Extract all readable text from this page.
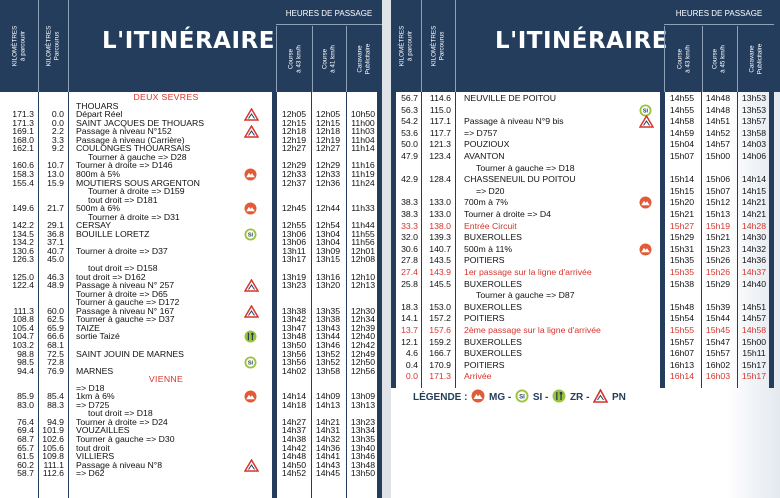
KILOMÈTRES à parcourir	KILOMÈTRES Parcourus L'ITINÉRAIRE
HEURES DE PASSAGE
Course à 43 km/h	Course à 41 km/h	Caravane Publicitaire
DEUX SEVRES
THOUARS
171.3	0.0 Départ Réel	12h05	12h05	10h50
171.3	0.0 SAINT JACQUES DE THOUARS	12h15	12h15	11h00
169.1	2.2 Passage à niveau N°152	12h18	12h18	11h03
168.0	3.3 Passage à niveau (Carrière)	12h19	12h19	11h04
162.1	9.2 COULONGES THOUARSAIS	12h27	12h27	11h14
Tourner à gauche => D28
160.6	10.7 Tourner à droite => D146	12h29	12h29	11h16
158.3	13.0 800m à 5%	12h33	12h33	11h19
155.4	15.9 MOUTIERS SOUS ARGENTON	12h37	12h36	11h24
Tourner à droite => D159
tout droit => D181
149.6	21.7 500m à 6%	12h45	12h44	11h33
Tourner à droite => D31
142.2	29.1 CERSAY	12h55	12h54	11h44
134.5	36.8 BOUILLE LORETZ	13h06	13h04	11h55
SI
134.2	37.1	13h06	13h04	11h56
130.6	40.7 Tourner à droite => D37	13h11	13h09	12h01
126.3	45.0	13h17	13h15	12h08
tout droit => D158
125.0	46.3 tout droit => D162	13h19	13h16	12h10
122.4	48.9 Passage à niveau N° 257	13h23	13h20	12h13
Tourner à droite => D65
Tourner à gauche => D172
111.3	60.0 Passage à niveau N° 167	13h38	13h35	12h30
108.8	62.5 Tourner à gauche => D37	13h42	13h38	12h34
105.4	65.9 TAIZE	13h47	13h43	12h39
104.7	66.6 sortie Taizé	13h48	13h44	12h40
103.2	68.1	13h50	13h46	12h42
98.8	72.5 SAINT JOUIN DE MARNES	13h56	13h52	12h49
98.5	72.8	13h56	13h52	12h50
SI
94.4	76.9 MARNES	14h02	13h58	12h56
VIENNE
=> D18
85.9	85.4 1km à 6%	14h14	14h09	13h09
83.0	88.3 => D725	14h18	14h13	13h13
tout droit => D18
76.4	94.9 Tourner à droite => D24	14h27	14h21	13h23
69.4 101.9 VOUZAILLES	14h37	14h31	13h34
68.7 102.6 Tourner à gauche => D30	14h38	14h32	13h35
65.7 105.6 tout droit	14h42	14h36	13h40
61.5 109.8 VILLIERS	14h48	14h41	13h46
60.2	111.1 Passage à niveau N°8	14h50	14h43	13h48
58.7	112.6 => D62	14h52	14h45	13h50
KILOMÈTRES à parcourir	KILOMÈTRES Parcourus L'ITINÉRAIRE
HEURES DE PASSAGE
Course à 43 km/h	Course à 45 km/h	Caravane Publicitaire
56.7	114.6 NEUVILLE DE POITOU	14h55	14h48	13h53
56.3	115.0	14h55	14h48	13h53
SI
54.2	117.1 Passage à niveau N°9 bis	14h58	14h51	13h57
53.6	117.7 => D757	14h59	14h52	13h58
50.0	121.3 POUZIOUX	15h04	14h57	14h03
47.9	123.4 AVANTON	15h07	15h00	14h06
Tourner à gauche => D18
42.9	128.4 CHASSENEUIL DU POITOU	15h14	15h06	14h14
=> D20	15h15	15h07	14h15
38.3	133.0 700m à 7%	15h20	15h12	14h21
38.3	133.0 Tourner à droite => D4	15h21	15h13	14h21
33.3	138.0 Entrée Circuit	15h27	15h19	14h28
32.0	139.3 BUXEROLLES	15h29	15h21	14h30
30.6	140.7 500m à 11%	15h31	15h23	14h32
27.8	143.5 POITIERS	15h35	15h26	14h36
27.4	143.9 1er passage sur la ligne d'arrivée	15h35	15h26	14h37
25.8	145.5 BUXEROLLES	15h38	15h29	14h40
Tourner à gauche => D87
18.3	153.0 BUXEROLLES	15h48	15h39	14h51
14.1	157.2 POITIERS	15h54	15h44	14h57
13.7	157.6 2ème passage sur la ligne d'arrivée	15h55	15h45	14h58
12.1	159.2 BUXEROLLES	15h57	15h47	15h00
4.6	166.7 BUXEROLLES	16h07	15h57	15h11
0.4	170.9 POITIERS	16h13	16h02	15h17
0.0	171.3 Arrivée	16h14	16h03	15h17
LÉGENDE : MG - SI SI - ZR - PN
